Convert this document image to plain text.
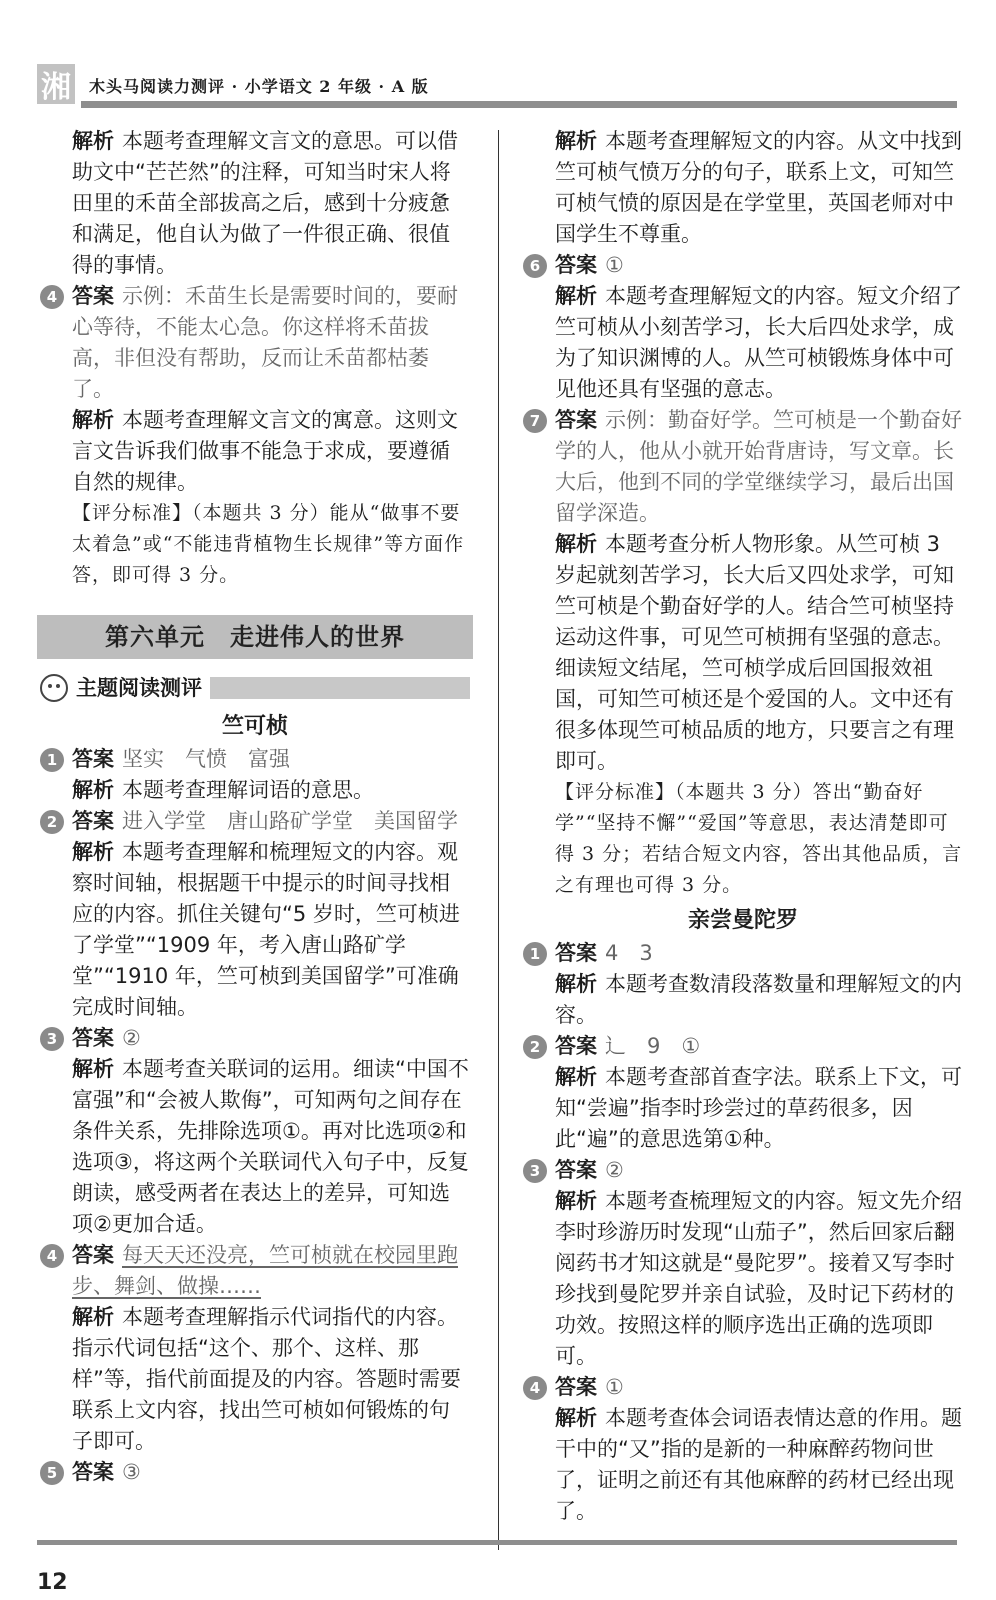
湘 木头马阅读力测评 · 小学语文 2 年级 · A 版

解析 本题考查理解文言文的意思。可以借助文中“芒芒然”的注释，可知当时宋人将田里的禾苗全部拔高之后，感到十分疲惫和满足，他自认为做了一件很正确、很值得的事情。

4 答案 示例：禾苗生长是需要时间的，要耐心等待，不能太心急。你这样将禾苗拔高，非但没有帮助，反而让禾苗都枯萎了。

解析 本题考查理解文言文的寓意。这则文言文告诉我们做事不能急于求成，要遵循自然的规律。

【评分标准】（本题共 3 分）能从“做事不要太着急”或“不能违背植物生长规律”等方面作答，即可得 3 分。

第六单元　走进伟人的世界
主题阅读测评
竺可桢
1 答案 坚实　气愤　富强

解析 本题考查理解词语的意思。

2 答案 进入学堂　唐山路矿学堂　美国留学

解析 本题考查理解和梳理短文的内容。观察时间轴，根据题干中提示的时间寻找相应的内容。抓住关键句“5 岁时，竺可桢进了学堂”“1909 年，考入唐山路矿学堂”“1910 年，竺可桢到美国留学”可准确完成时间轴。

3 答案 ②

解析 本题考查关联词的运用。细读“中国不富强”和“会被人欺侮”，可知两句之间存在条件关系，先排除选项①。再对比选项②和选项③，将这两个关联词代入句子中，反复朗读，感受两者在表达上的差异，可知选项②更加合适。

4 答案 每天天还没亮，竺可桢就在校园里跑步、舞剑、做操……

解析 本题考查理解指示代词指代的内容。指示代词包括“这个、那个、这样、那样”等，指代前面提及的内容。答题时需要联系上文内容，找出竺可桢如何锻炼的句子即可。

5 答案 ③

解析 本题考查理解短文的内容。从文中找到竺可桢气愤万分的句子，联系上文，可知竺可桢气愤的原因是在学堂里，英国老师对中国学生不尊重。

6 答案 ①

解析 本题考查理解短文的内容。短文介绍了竺可桢从小刻苦学习，长大后四处求学，成为了知识渊博的人。从竺可桢锻炼身体中可见他还具有坚强的意志。

7 答案 示例：勤奋好学。竺可桢是一个勤奋好学的人，他从小就开始背唐诗，写文章。长大后，他到不同的学堂继续学习，最后出国留学深造。

解析 本题考查分析人物形象。从竺可桢 3 岁起就刻苦学习，长大后又四处求学，可知竺可桢是个勤奋好学的人。结合竺可桢坚持运动这件事，可见竺可桢拥有坚强的意志。细读短文结尾，竺可桢学成后回国报效祖国，可知竺可桢还是个爱国的人。文中还有很多体现竺可桢品质的地方，只要言之有理即可。

【评分标准】（本题共 3 分）答出“勤奋好学”“坚持不懈”“爱国”等意思，表达清楚即可得 3 分；若结合短文内容，答出其他品质，言之有理也可得 3 分。

亲尝曼陀罗
1 答案 4　3

解析 本题考查数清段落数量和理解短文的内容。

2 答案 辶　9　①

解析 本题考查部首查字法。联系上下文，可知“尝遍”指李时珍尝过的草药很多，因此“遍”的意思选第①种。

3 答案 ②

解析 本题考查梳理短文的内容。短文先介绍李时珍游历时发现“山茄子”，然后回家后翻阅药书才知这就是“曼陀罗”。接着又写李时珍找到曼陀罗并亲自试验，及时记下药材的功效。按照这样的顺序选出正确的选项即可。

4 答案 ①

解析 本题考查体会词语表情达意的作用。题干中的“又”指的是新的一种麻醉药物问世了，证明之前还有其他麻醉的药材已经出现了。

12
